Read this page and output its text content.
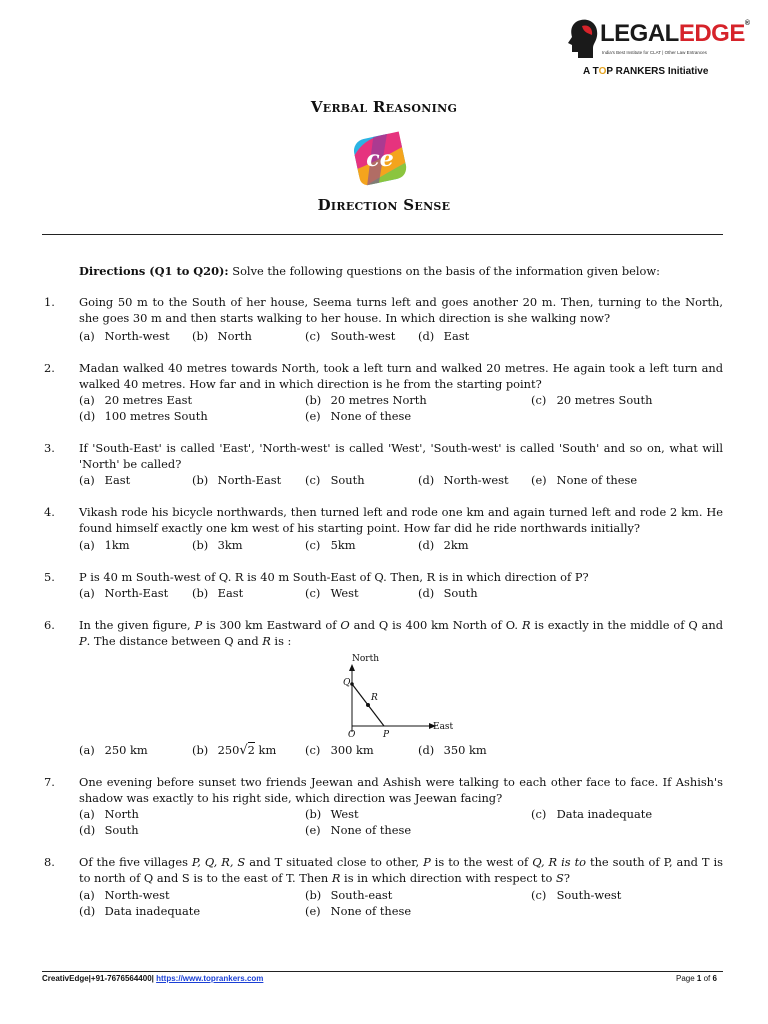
LEGALEDGE®
India's Best Institute for CLAT | Other Law Entrances
A TOP RANKERS Initiative
Verbal Reasoning
ce
Direction Sense
Directions (Q1 to Q20): Solve the following questions on the basis of the information given below:
1. Going 50 m to the South of her house, Seema turns left and goes another 20 m. Then, turning to the North, she goes 30 m and then starts walking to her house. In which direction is she walking now?
(a) North-west (b) North	(c) South-west (d) East
2. Madan walked 40 metres towards North, took a left turn and walked 20 metres. He again took a left turn and walked 40 metres. How far and in which direction is he from the starting point?
(a) 20 metres East	(b) 20 metres North	(c) 20 metres South
(d) 100 metres South	(e) None of these
3. If 'South-East' is called 'East', 'North-west' is called 'West', 'South-west' is called 'South' and so on, what will 'North' be called?
(a) East	(b) North-East (c) South	(d) North-west (e) None of these
4. Vikash rode his bicycle northwards, then turned left and rode one km and again turned left and rode 2 km. He found himself exactly one km west of his starting point. How far did he ride northwards initially?
(a) 1km	(b) 3km	(c) 5km	(d) 2km
5. P is 40 m South-west of Q. R is 40 m South-East of Q. Then, R is in which direction of P?
(a) North-East (b) East	(c) West	(d) South
6. In the given figure, P is 300 km Eastward of O and Q is 400 km North of O. R is exactly in the middle of Q and P. The distance between Q and R is :
North
East
Q
R
O	P
(a) 250 km	(b) 250√2 km	(c) 300 km	(d) 350 km
7. One evening before sunset two friends Jeewan and Ashish were talking to each other face to face. If Ashish's shadow was exactly to his right side, which direction was Jeewan facing?
(a) North	(b) West	(c) Data inadequate
(d) South	(e) None of these
8. Of the five villages P, Q, R, S and T situated close to other, P is to the west of Q, R is to the south of P, and T is to north of Q and S is to the east of T. Then R is in which direction with respect to S?
(a) North-west	(b) South-east	(c) South-west
(d) Data inadequate	(e) None of these
CreativEdge|+91-7676564400| https://www.toprankers.com	Page 1 of 6
